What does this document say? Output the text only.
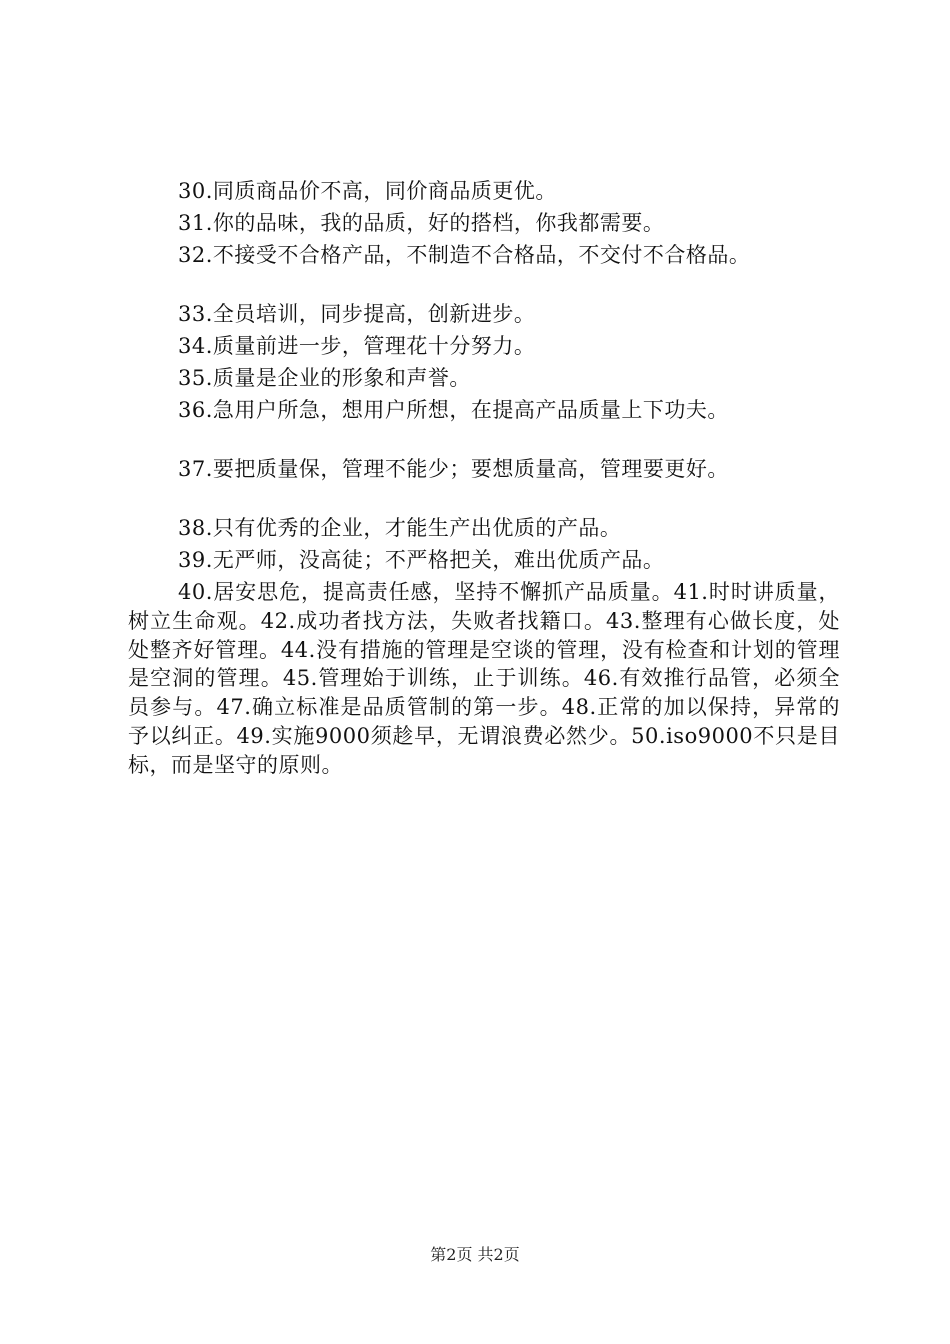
30.同质商品价不高，同价商品质更优。
31.你的品味，我的品质，好的搭档，你我都需要。
32.不接受不合格产品，不制造不合格品，不交付不合格品。
33.全员培训，同步提高，创新进步。
34.质量前进一步，管理花十分努力。
35.质量是企业的形象和声誉。
36.急用户所急，想用户所想，在提高产品质量上下功夫。
37.要把质量保，管理不能少；要想质量高，管理要更好。
38.只有优秀的企业，才能生产出优质的产品。
39.无严师，没高徒；不严格把关，难出优质产品。
40.居安思危，提高责任感，坚持不懈抓产品质量。41.时时讲质量，树立生命观。42.成功者找方法，失败者找籍口。43.整理有心做长度，处处整齐好管理。44.没有措施的管理是空谈的管理，没有检查和计划的管理是空洞的管理。45.管理始于训练，止于训练。46.有效推行品管，必须全员参与。47.确立标准是品质管制的第一步。48.正常的加以保持，异常的予以纠正。49.实施9000须趁早，无谓浪费必然少。50.iso9000不只是目标，而是坚守的原则。
第2页 共2页
